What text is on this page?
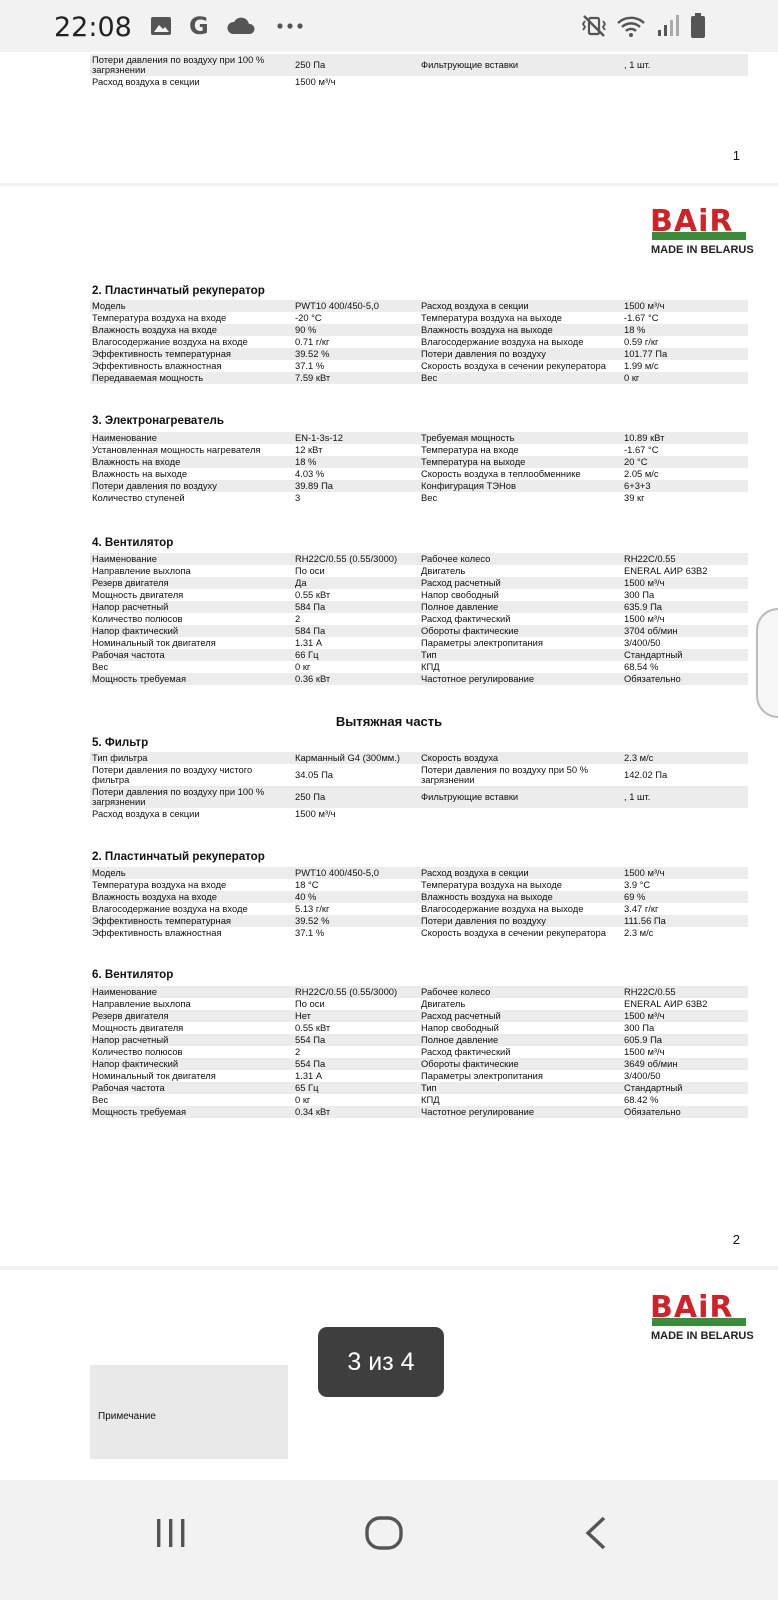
22:08 G
Потери давления по воздуху при 100 % загрязнении	250 Па	Фильтрующие вставки	, 1 шт.
Расход воздуха в секции	1500 м³/ч		
1
BAiR
MADE IN BELARUS
2. Пластинчатый рекуператор
Модель	PWT10 400/450-5,0	Расход воздуха в секции	1500 м³/ч
Температура воздуха на входе	-20 °C	Температура воздуха на выходе	-1.67 °C
Влажность воздуха на входе	90 %	Влажность воздуха на выходе	18 %
Влагосодержание воздуха на входе	0.71 г/кг	Влагосодержание воздуха на выходе	0.59 г/кг
Эффективность температурная	39.52 %	Потери давления по воздуху	101.77 Па
Эффективность влажностная	37.1 %	Скорость воздуха в сечении рекуператора	1.99 м/с
Передаваемая мощность	7.59 кВт	Вес	0 кг
3. Электронагреватель
Наименование	EN-1-3s-12	Требуемая мощность	10.89 кВт
Установленная мощность нагревателя	12 кВт	Температура на входе	-1.67 °C
Влажность на входе	18 %	Температура на выходе	20 °C
Влажность на выходе	4.03 %	Скорость воздуха в теплообменнике	2.05 м/с
Потери давления по воздуху	39.89 Па	Конфигурация ТЭНов	6+3+3
Количество ступеней	3	Вес	39 кг
4. Вентилятор
Наименование	RH22C/0.55 (0.55/3000)	Рабочее колесо	RH22C/0.55
Направление выхлопа	По оси	Двигатель	ENERAL АИР 63В2
Резерв двигателя	Да	Расход расчетный	1500 м³/ч
Мощность двигателя	0.55 кВт	Напор свободный	300 Па
Напор расчетный	584 Па	Полное давление	635.9 Па
Количество полюсов	2	Расход фактический	1500 м³/ч
Напор фактический	584 Па	Обороты фактические	3704 об/мин
Номинальный ток двигателя	1.31 А	Параметры электропитания	3/400/50
Рабочая частота	66 Гц	Тип	Стандартный
Вес	0 кг	КПД	68.54 %
Мощность требуемая	0.36 кВт	Частотное регулирование	Обязательно
Вытяжная часть
5. Фильтр
Тип фильтра	Карманный G4 (300мм.)	Скорость воздуха	2.3 м/с
Потери давления по воздуху чистого фильтра	34.05 Па	Потери давления по воздуху при 50 % загрязнении	142.02 Па
Потери давления по воздуху при 100 % загрязнении	250 Па	Фильтрующие вставки	, 1 шт.
Расход воздуха в секции	1500 м³/ч		
2. Пластинчатый рекуператор
Модель	PWT10 400/450-5,0	Расход воздуха в секции	1500 м³/ч
Температура воздуха на входе	18 °C	Температура воздуха на выходе	3.9 °C
Влажность воздуха на входе	40 %	Влажность воздуха на выходе	69 %
Влагосодержание воздуха на входе	5.13 г/кг	Влагосодержание воздуха на выходе	3.47 г/кг
Эффективность температурная	39.52 %	Потери давления по воздуху	111.56 Па
Эффективность влажностная	37.1 %	Скорость воздуха в сечении рекуператора	2.3 м/с
6. Вентилятор
Наименование	RH22C/0.55 (0.55/3000)	Рабочее колесо	RH22C/0.55
Направление выхлопа	По оси	Двигатель	ENERAL АИР 63В2
Резерв двигателя	Нет	Расход расчетный	1500 м³/ч
Мощность двигателя	0.55 кВт	Напор свободный	300 Па
Напор расчетный	554 Па	Полное давление	605.9 Па
Количество полюсов	2	Расход фактический	1500 м³/ч
Напор фактический	554 Па	Обороты фактические	3649 об/мин
Номинальный ток двигателя	1.31 А	Параметры электропитания	3/400/50
Рабочая частота	65 Гц	Тип	Стандартный
Вес	0 кг	КПД	68.42 %
Мощность требуемая	0.34 кВт	Частотное регулирование	Обязательно
2
BAiR
MADE IN BELARUS
Примечание
3 из 4
